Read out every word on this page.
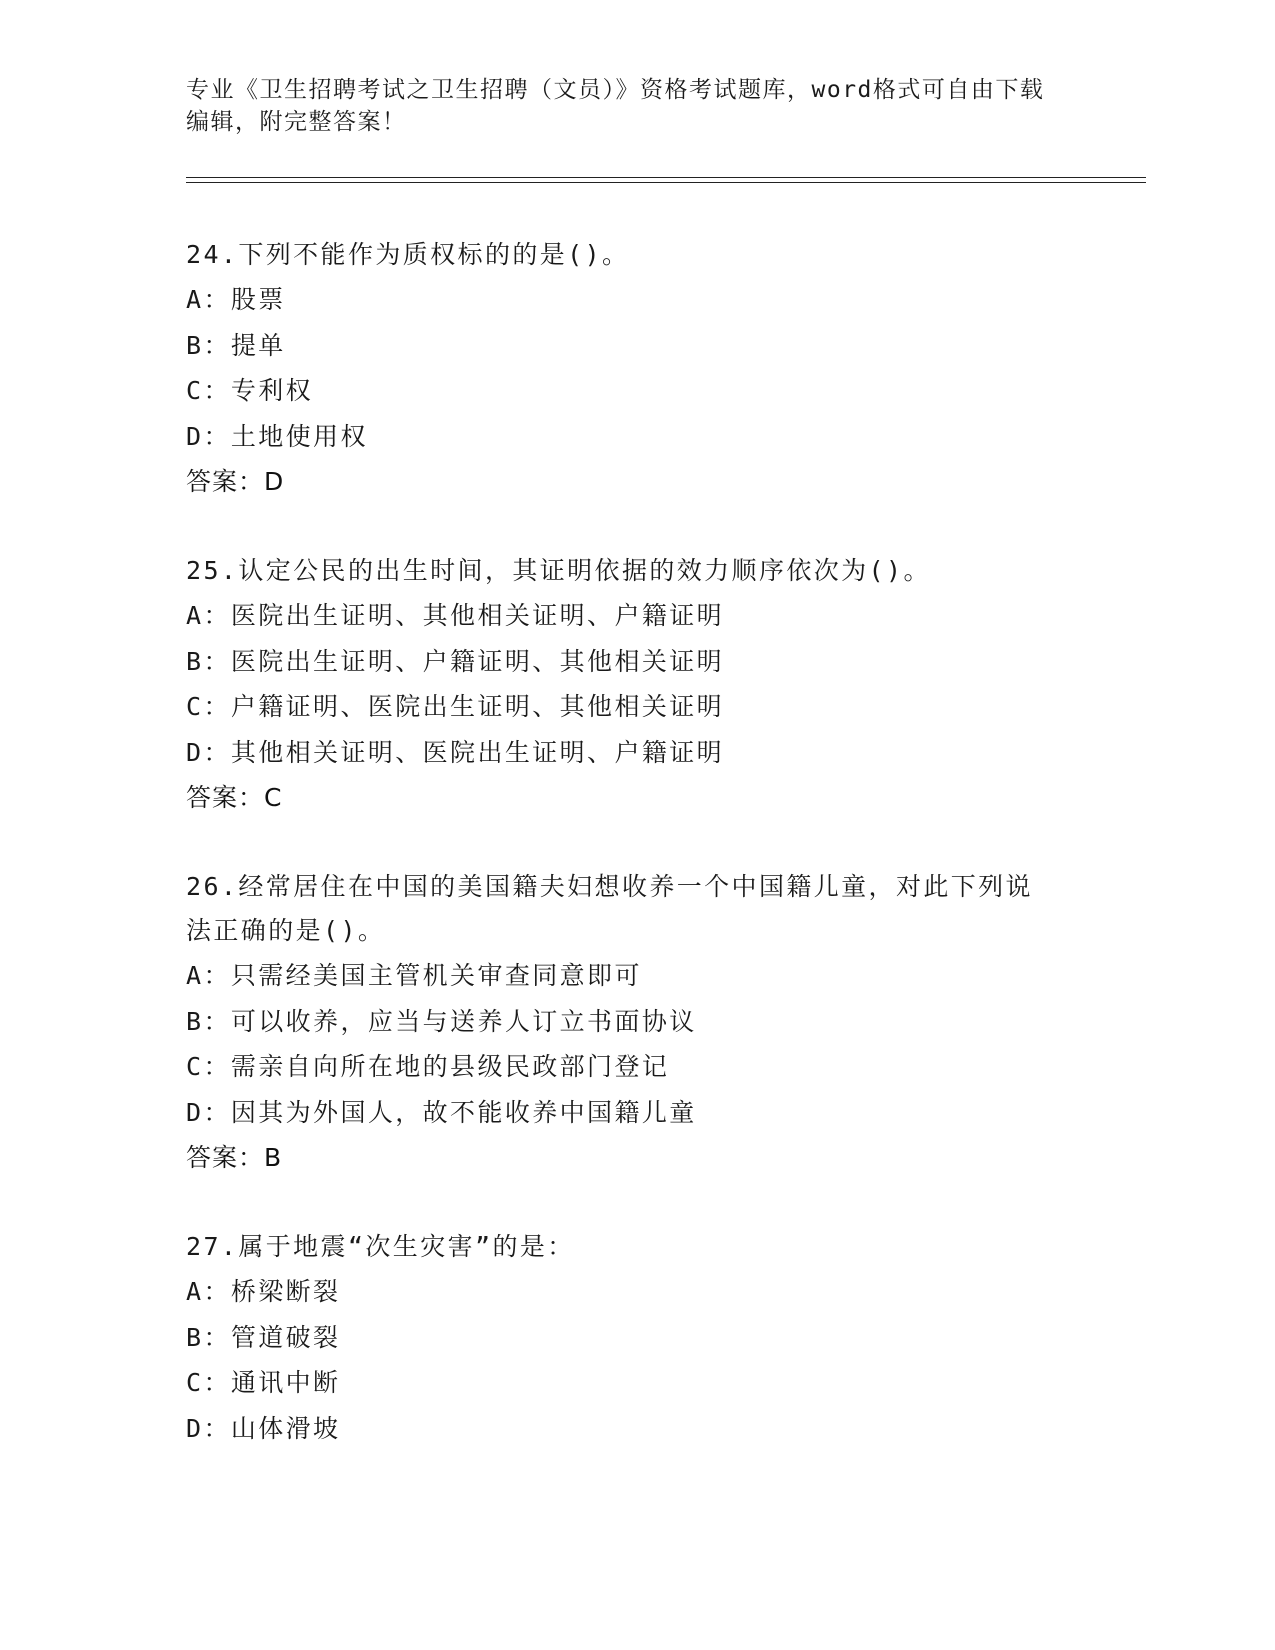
专业《卫生招聘考试之卫生招聘（文员）》资格考试题库，word格式可自由下载
编辑，附完整答案！
24.下列不能作为质权标的的是()。
A：股票
B：提单
C：专利权
D：土地使用权
答案：D
25.认定公民的出生时间，其证明依据的效力顺序依次为()。
A：医院出生证明、其他相关证明、户籍证明
B：医院出生证明、户籍证明、其他相关证明
C：户籍证明、医院出生证明、其他相关证明
D：其他相关证明、医院出生证明、户籍证明
答案：C
26.经常居住在中国的美国籍夫妇想收养一个中国籍儿童，对此下列说
法正确的是()。
A：只需经美国主管机关审查同意即可
B：可以收养，应当与送养人订立书面协议
C：需亲自向所在地的县级民政部门登记
D：因其为外国人，故不能收养中国籍儿童
答案：B
27.属于地震“次生灾害”的是：
A：桥梁断裂
B：管道破裂
C：通讯中断
D：山体滑坡
